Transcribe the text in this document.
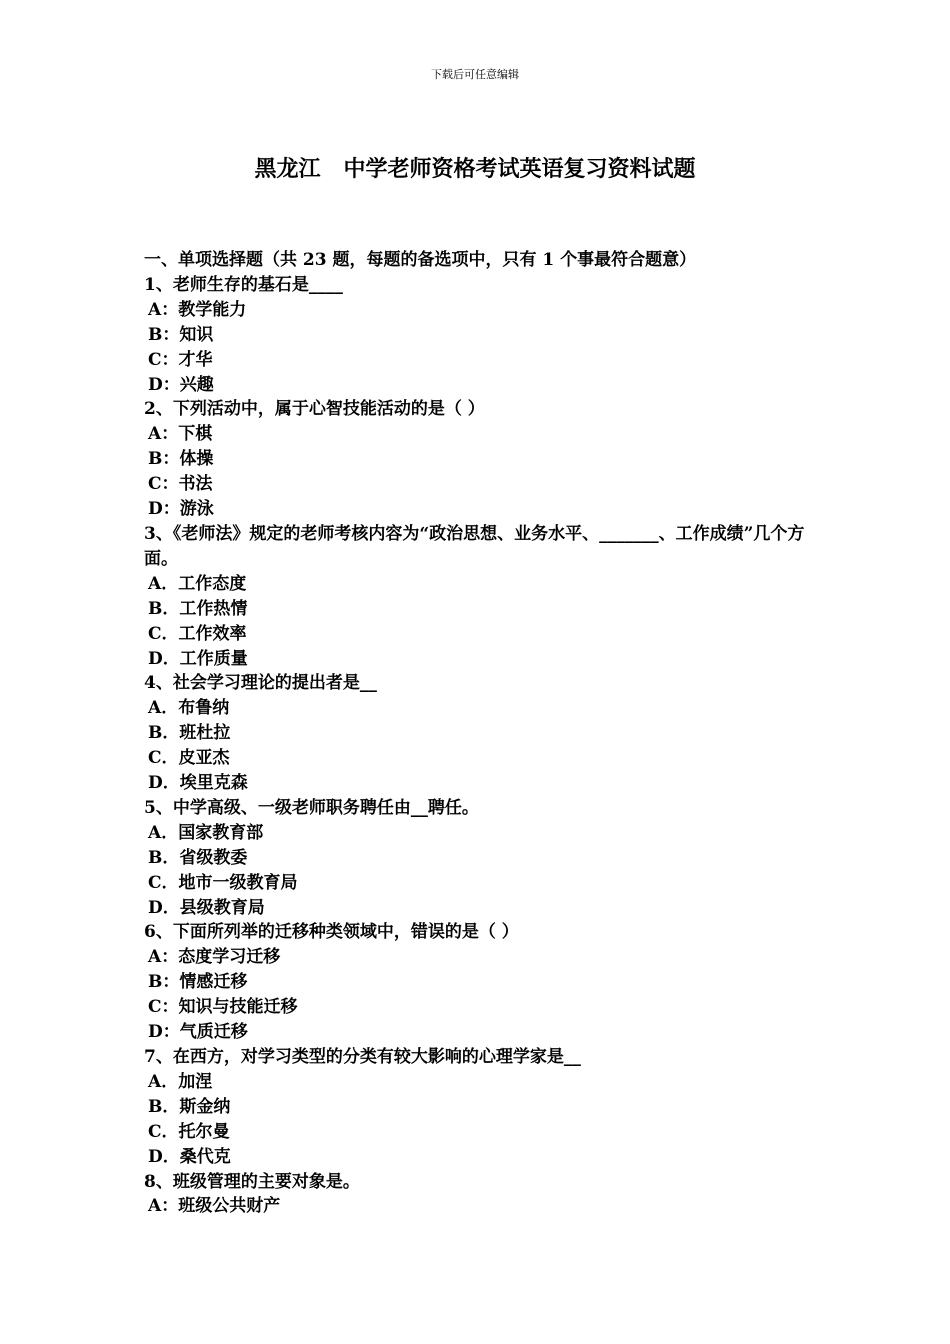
下载后可任意编辑
黑龙江   中学老师资格考试英语复习资料试题
一、单项选择题（共 23 题，每题的备选项中，只有 1 个事最符合题意）
1、老师生存的基石是____
A：教学能力
B：知识
C：才华
D：兴趣
2、下列活动中，属于心智技能活动的是（ ）
A：下棋
B：体操
C：书法
D：游泳
3、《老师法》规定的老师考核内容为“政治思想、业务水平、_______、工作成绩”几个方面。
A．工作态度
B．工作热情
C．工作效率
D．工作质量
4、社会学习理论的提出者是__
A．布鲁纳
B．班杜拉
C．皮亚杰
D．埃里克森
5、中学高级、一级老师职务聘任由__聘任。
A．国家教育部
B．省级教委
C．地市一级教育局
D．县级教育局
6、下面所列举的迁移种类领域中，错误的是（ ）
A：态度学习迁移
B：情感迁移
C：知识与技能迁移
D：气质迁移
7、在西方，对学习类型的分类有较大影响的心理学家是__
A．加涅
B．斯金纳
C．托尔曼
D．桑代克
8、班级管理的主要对象是。
A：班级公共财产
